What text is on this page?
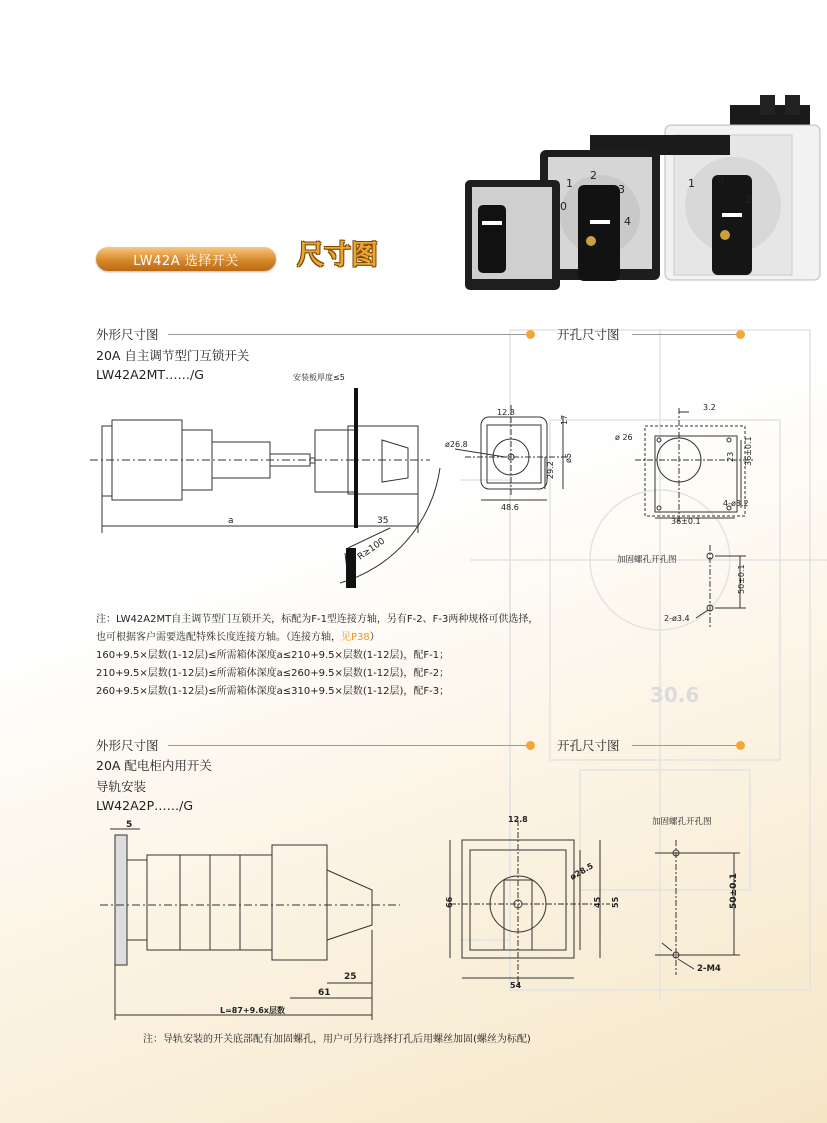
30.6
1
2
3
4
0
1 0
2
LW42A 选择开关	尺寸图
外形尺寸图	开孔尺寸图
20A 自主调节型门互锁开关
LW42A2MT……/G	安装板厚度≤5
a	35
R≥100
12.8
17
ø26.8
ø5
29.2
48.6
3.2
ø 26	36±0.1
23
4-ø3.2
36±0.1
加固螺孔开孔图
50±0.1
2-ø3.4
注：LW42A2MT自主调节型门互锁开关，标配为F-1型连接方轴，另有F-2、F-3两种规格可供选择，
也可根据客户需要选配特殊长度连接方轴。（连接方轴，见P38）
160+9.5×层数(1-12层)≤所需箱体深度a≤210+9.5×层数(1-12层)，配F-1；
210+9.5×层数(1-12层)≤所需箱体深度a≤260+9.5×层数(1-12层)，配F-2；
260+9.5×层数(1-12层)≤所需箱体深度a≤310+9.5×层数(1-12层)，配F-3；
外形尺寸图	开孔尺寸图
20A 配电柜内用开关
导轨安装
LW42A2P……/G
5
25
61
L=87+9.6x层数
12.8
ø28.5
66	45 55
54
加固螺孔开孔图
50±0.1
2-M4
注：导轨安装的开关底部配有加固螺孔，用户可另行选择打孔后用螺丝加固(螺丝为标配)
